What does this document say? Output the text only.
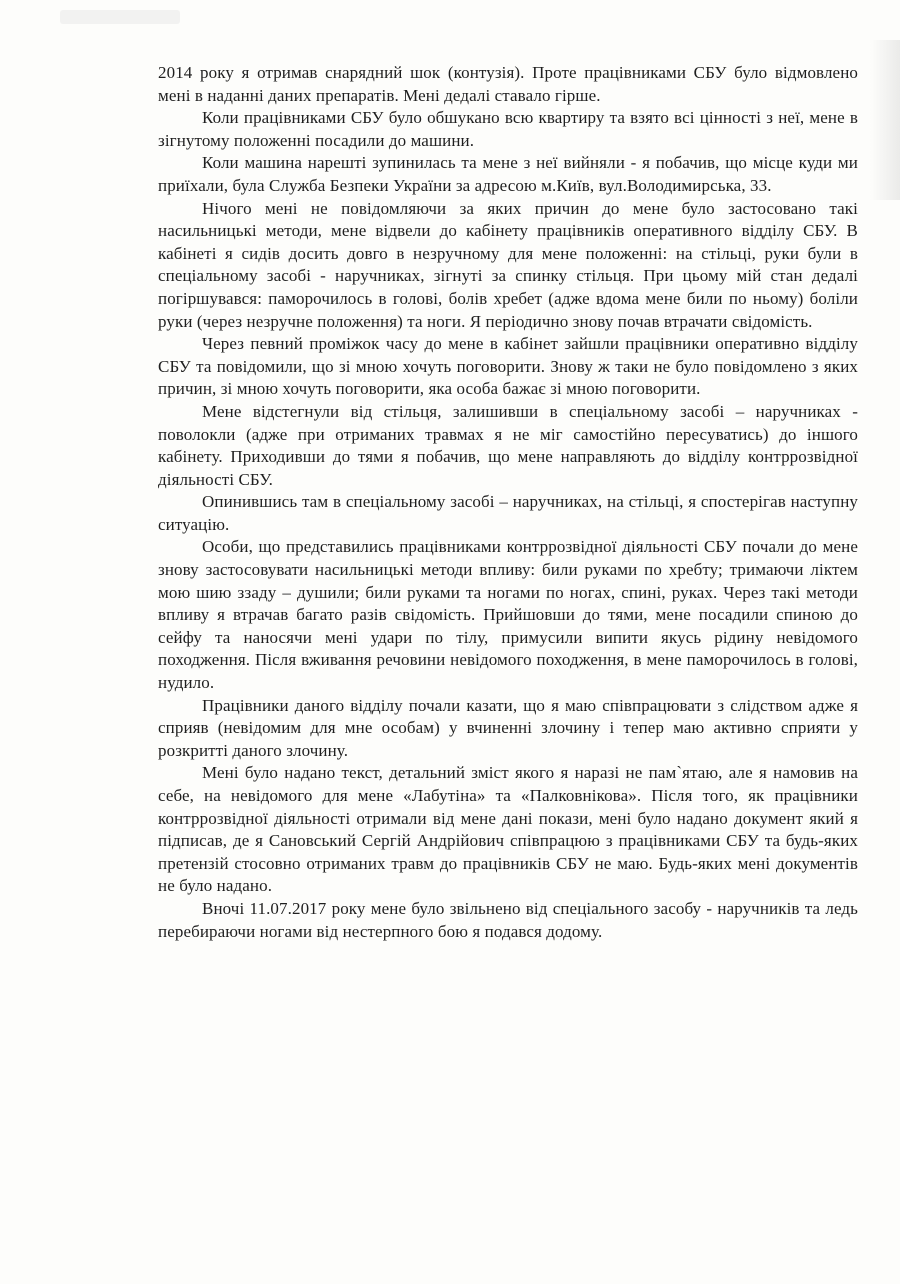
2014 року я отримав снарядний шок (контузія). Проте працівниками СБУ було відмовлено мені в наданні даних препаратів. Мені дедалі ставало гірше.

Коли працівниками СБУ було обшукано всю квартиру та взято всі цінності з неї, мене в зігнутому положенні посадили до машини.

Коли машина нарешті зупинилась та мене з неї вийняли - я побачив, що місце куди ми приїхали, була Служба Безпеки України за адресою м.Київ, вул.Володимирська, 33.

Нічого мені не повідомляючи за яких причин до мене було застосовано такі насильницькі методи, мене відвели до кабінету працівників оперативного відділу СБУ. В кабінеті я сидів досить довго в незручному для мене положенні: на стільці, руки були в спеціальному засобі - наручниках, зігнуті за спинку стільця. При цьому мій стан дедалі погіршувався: паморочилось в голові, болів хребет (адже вдома мене били по ньому) боліли руки (через незручне положення) та ноги. Я періодично знову почав втрачати свідомість.

Через певний проміжок часу до мене в кабінет зайшли працівники оперативно відділу СБУ та повідомили, що зі мною хочуть поговорити. Знову ж таки не було повідомлено з яких причин, зі мною хочуть поговорити, яка особа бажає зі мною поговорити.

Мене відстегнули від стільця, залишивши в спеціальному засобі – наручниках - поволокли (адже при отриманих травмах я не міг самостійно пересуватись) до іншого кабінету. Приходивши до тями я побачив, що мене направляють до відділу контррозвідної діяльності СБУ.

Опинившись там в спеціальному засобі – наручниках, на стільці, я спостерігав наступну ситуацію.

Особи, що представились працівниками контррозвідної діяльності СБУ почали до мене знову застосовувати насильницькі методи впливу: били руками по хребту; тримаючи ліктем мою шию ззаду – душили; били руками та ногами по ногах, спині, руках. Через такі методи впливу я втрачав багато разів свідомість. Прийшовши до тями, мене посадили спиною до сейфу та наносячи мені удари по тілу, примусили випити якусь рідину невідомого походження. Після вживання речовини невідомого походження, в мене паморочилось в голові, нудило.

Працівники даного відділу почали казати, що я маю співпрацювати з слідством адже я сприяв (невідомим для мне особам) у вчиненні злочину і тепер маю активно сприяти у розкритті даного злочину.

Мені було надано текст, детальний зміст якого я наразі не пам`ятаю, але я намовив на себе, на невідомого для мене «Лабутіна» та «Палковнікова». Після того, як працівники контррозвідної діяльності отримали від мене дані покази, мені було надано документ який я підписав, де я Сановський Сергій Андрійович співпрацюю з працівниками СБУ та будь-яких претензій стосовно отриманих травм до працівників СБУ не маю. Будь-яких мені документів не було надано.

Вночі 11.07.2017 року мене було звільнено від спеціального засобу - наручників та ледь перебираючи ногами від нестерпного бою я подався додому.
